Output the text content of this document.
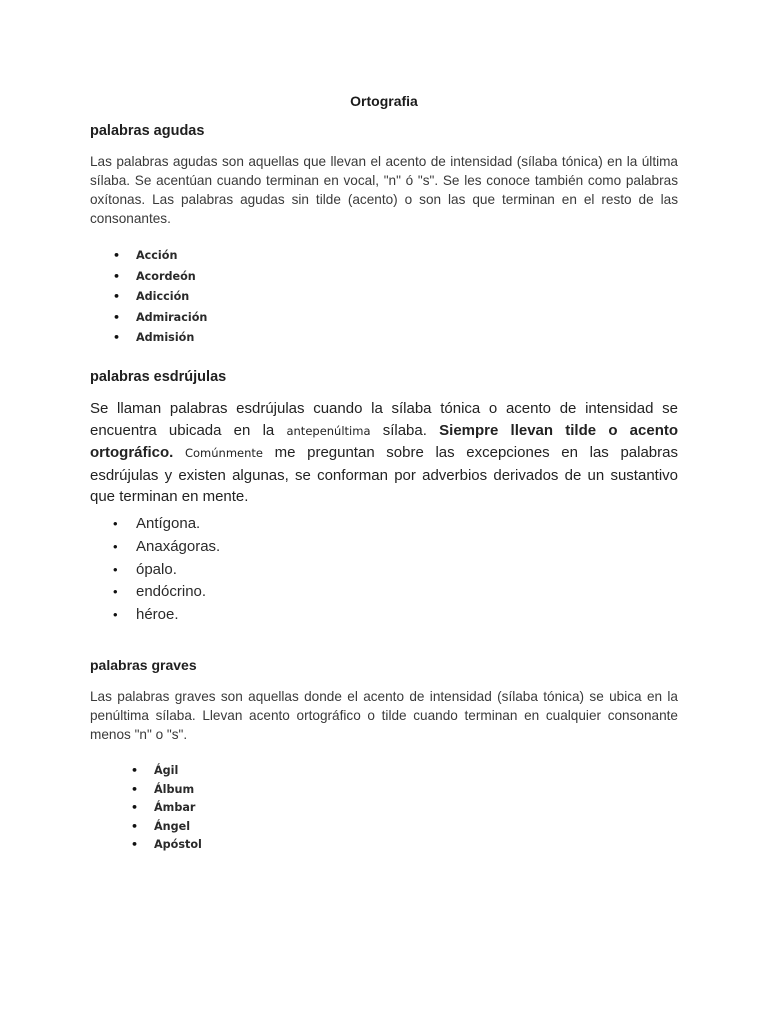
Ortografia
palabras agudas
Las palabras agudas son aquellas que llevan el acento de intensidad (sílaba tónica) en la última sílaba. Se acentúan cuando terminan en vocal, "n" ó "s". Se les conoce también como palabras oxítonas. Las palabras agudas sin tilde (acento) o son las que terminan en el resto de las consonantes.
• Acción
• Acordeón
• Adicción
• Admiración
• Admisión
palabras esdrújulas
Se llaman palabras esdrújulas cuando la sílaba tónica o acento de intensidad se encuentra ubicada en la antepenúltima sílaba. Siempre llevan tilde o acento ortográfico. Comúnmente me preguntan sobre las excepciones en las palabras esdrújulas y existen algunas, se conforman por adverbios derivados de un sustantivo que terminan en mente.
• Antígona.
• Anaxágoras.
• ópalo.
• endócrino.
• héroe.
palabras graves
Las palabras graves son aquellas donde el acento de intensidad (sílaba tónica) se ubica en la penúltima sílaba. Llevan acento ortográfico o tilde cuando terminan en cualquier consonante menos "n" o "s".
• Ágil
• Álbum
• Ámbar
• Ángel
• Apóstol
